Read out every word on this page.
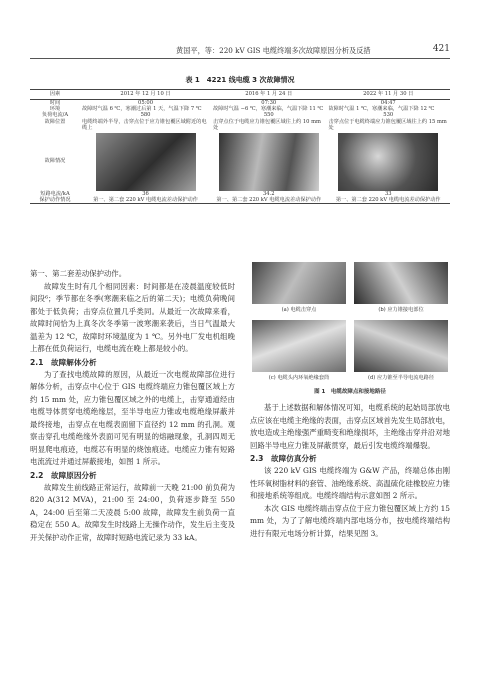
黄国平，等：220 kV GIS 电缆终端多次故障原因分析及反措	421
表 1　4221 线电缆 3 次故障情况
因素	2012 年 12 月 10 日	2016 年 1 月 24 日	2022 年 11 月 30 日
时间	05:00	07:30	04:47
环境	故障时气温 6 ℃，寒潮过后第 1 天，气温下降 7 ℃	故障时气温 −6 ℃，寒潮来临，气温下降 11 ℃	故障时气温 1 ℃，寒潮来临，气温下降 12 ℃
负荷电流/A	580	550	530
故障位置	电缆终端外半导，击穿点位于应力锥包覆区域附近的电缆上	击穿点位于电缆应力锥包覆区域往上约 10 mm 处	击穿点位于电缆终端应力锥包覆区域往上约 15 mm 处
故障情况	

短路电流/kA	36	34.2	33
保护动作情况	第一、第二套 220 kV 电缆电流差动保护动作	第一、第二套 220 kV 电缆电流差动保护动作	第一、第二套 220 kV 电缆电流差动保护动作

第一、第二套差动保护动作。

故障发生时有几个相同因素：时间都是在凌晨温度较低时间段⁶；季节都在冬季(寒潮来临之后的第二天)；电缆负荷晚间都处于低负荷；击穿点位置几乎类同。从最近一次故障来看，故障时间恰为上真冬次冬季第一波寒潮来袭后，当日气温最大温差为 12 ℃，故障时环境温度为 1 ℃。另外电厂发电机组晚上都在低负荷运行，电缆电流在晚上都是较小的。

2.1　故障解体分析

为了查找电缆故障的原因，从最近一次电缆故障部位进行解体分析，击穿点中心位于 GIS 电缆终端应力锥包覆区域上方约 15 mm 处，应力锥包覆区域之外的电缆上，击穿通道经由电缆导体贯穿电缆绝缘层，至半导电应力锥或电缆绝缘屏蔽并最终接地，击穿点在电缆表面留下直径约 12 mm 的孔洞。观察击穿孔电缆绝缘外表面可见有明显的熔融现象，孔洞四周无明显爬电痕迹，电缆芯有明显的烧蚀痕迹。电缆应力锥有短路电流流过并通过屏蔽接地，如图 1 所示。

2.2　故障原因分析

故障发生前线路正常运行，故障前一天晚 21:00 前负荷为 820 A(312 MVA)，21:00 至 24:00，负荷逐步降至 550 A，24:00 后至第二天凌晨 5:00 故障，故障发生前负荷一直稳定在 550 A。故障发生时线路上无操作动作，发生后主变及开关保护动作正常，故障时短路电流记录为 33 kA。

(a) 电缆击穿点	(b) 应力锥接电部位
(c) 电缆头内环氧绝缘套筒	(d) 应力锥至半导电流电路径
图 1　电缆故障点和接地路径

基于上述数据和解体情况可知，电缆系统的起始局部放电点应该在电缆主绝缘的表面，击穿点区域首先发生局部放电，放电造成主绝缘强严重畸变和绝缘损坏，主绝缘击穿并沿对地回路半导电应力锥及屏蔽贯穿，最后引发电缆终端爆裂。

2.3　故障仿真分析

该 220 kV GIS 电缆终端为 G&W 产品，终端总体由刚性环氧树脂材料的套管、油绝缘系统、高温硫化硅橡胶应力锥和接地系统等组成。电缆终端结构示意如图 2 所示。

本次 GIS 电缆终端击穿点位于应力锥包覆区域上方约 15 mm 处，为了了解电缆终端内部电场分布，按电缆终端结构进行有限元电场分析计算，结果见图 3。
